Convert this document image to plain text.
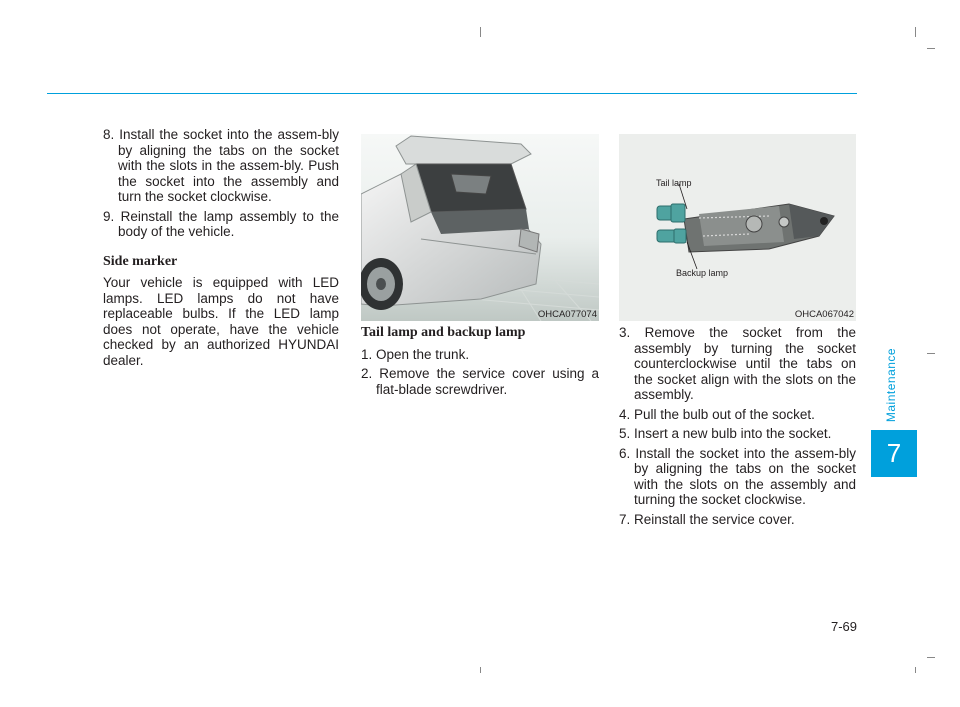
Maintenance
7

8. Install the socket into the assem-bly by aligning the tabs on the socket with the slots in the assem-bly. Push the socket into the assembly and turn the socket clockwise.

9. Reinstall the lamp assembly to the body of the vehicle.

Side marker

Your vehicle is equipped with LED lamps. LED lamps do not have replaceable bulbs. If the LED lamp does not operate, have the vehicle checked by an authorized HYUNDAI dealer.

OHCA077074
Tail lamp
Backup lamp
OHCA067042
Tail lamp and backup lamp

1. Open the trunk.

2. Remove the service cover using a flat-blade screwdriver.

3. Remove the socket from the assembly by turning the socket counterclockwise until the tabs on the socket align with the slots on the assembly.

4. Pull the bulb out of the socket.

5. Insert a new bulb into the socket.

6. Install the socket into the assem-bly by aligning the tabs on the socket with the slots on the assembly and turning the socket clockwise.

7. Reinstall the service cover.

7-69
